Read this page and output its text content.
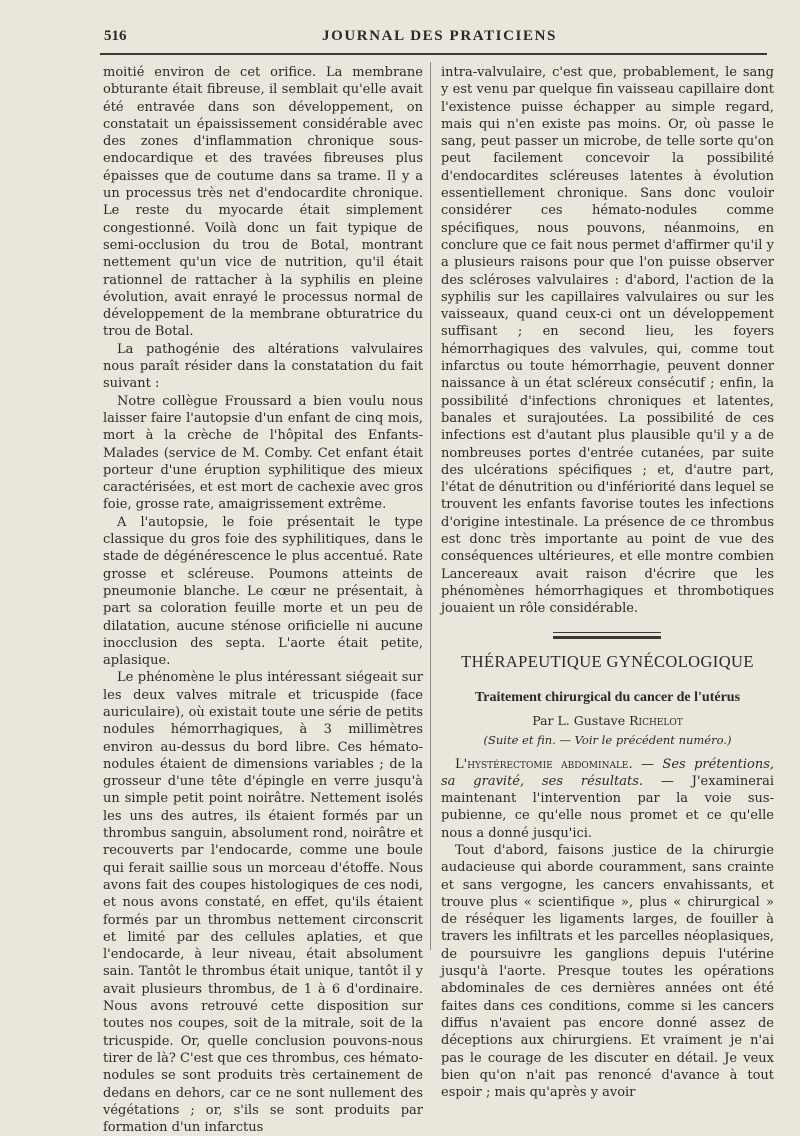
516	JOURNAL DES PRATICIENS

moitié environ de cet orifice. La membrane obturante était fibreuse, il semblait qu'elle avait été entravée dans son développement, on constatait un épaississement considérable avec des zones d'inflammation chronique sous-endocardique et des travées fibreuses plus épaisses que de coutume dans sa trame. Il y a un processus très net d'endocardite chronique. Le reste du myocarde était simplement congestionné. Voilà donc un fait typique de semi-occlusion du trou de Botal, montrant nettement qu'un vice de nutrition, qu'il était rationnel de rattacher à la syphilis en pleine évolution, avait enrayé le processus normal de développement de la membrane obturatrice du trou de Botal.

La pathogénie des altérations valvulaires nous paraît résider dans la constatation du fait suivant :

Notre collègue Froussard a bien voulu nous laisser faire l'autopsie d'un enfant de cinq mois, mort à la crèche de l'hôpital des Enfants-Malades (service de M. Comby. Cet enfant était porteur d'une éruption syphilitique des mieux caractérisées, et est mort de cachexie avec gros foie, grosse rate, amaigrissement extrême.

A l'autopsie, le foie présentait le type classique du gros foie des syphilitiques, dans le stade de dégénérescence le plus accentué. Rate grosse et scléreuse. Poumons atteints de pneumonie blanche. Le cœur ne présentait, à part sa coloration feuille morte et un peu de dilatation, aucune sténose orificielle ni aucune inocclusion des septa. L'aorte était petite, aplasique.

Le phénomène le plus intéressant siégeait sur les deux valves mitrale et tricuspide (face auriculaire), où existait toute une série de petits nodules hémorrhagiques, à 3 millimètres environ au-dessus du bord libre. Ces hémato-nodules étaient de dimensions variables ; de la grosseur d'une tête d'épingle en verre jusqu'à un simple petit point noirâtre. Nettement isolés les uns des autres, ils étaient formés par un thrombus sanguin, absolument rond, noirâtre et recouverts par l'endocarde, comme une boule qui ferait saillie sous un morceau d'étoffe. Nous avons fait des coupes histologiques de ces nodi, et nous avons constaté, en effet, qu'ils étaient formés par un thrombus nettement circonscrit et limité par des cellules aplaties, et que l'endocarde, à leur niveau, était absolument sain. Tantôt le thrombus était unique, tantôt il y avait plusieurs thrombus, de 1 à 6 d'ordinaire. Nous avons retrouvé cette disposition sur toutes nos coupes, soit de la mitrale, soit de la tricuspide. Or, quelle conclusion pouvons-nous tirer de là? C'est que ces thrombus, ces hémato-nodules se sont produits très certainement de dedans en dehors, car ce ne sont nullement des végétations ; or, s'ils se sont produits par formation d'un infarctus

intra-valvulaire, c'est que, probablement, le sang y est venu par quelque fin vaisseau capillaire dont l'existence puisse échapper au simple regard, mais qui n'en existe pas moins. Or, où passe le sang, peut passer un microbe, de telle sorte qu'on peut facilement concevoir la possibilité d'endocardites scléreuses latentes à évolution essentiellement chronique. Sans donc vouloir considérer ces hémato-nodules comme spécifiques, nous pouvons, néanmoins, en conclure que ce fait nous permet d'affirmer qu'il y a plusieurs raisons pour que l'on puisse observer des scléroses valvulaires : d'abord, l'action de la syphilis sur les capillaires valvulaires ou sur les vaisseaux, quand ceux-ci ont un développement suffisant ; en second lieu, les foyers hémorrhagiques des valvules, qui, comme tout infarctus ou toute hémorrhagie, peuvent donner naissance à un état scléreux consécutif ; enfin, la possibilité d'infections chroniques et latentes, banales et surajoutées. La possibilité de ces infections est d'autant plus plausible qu'il y a de nombreuses portes d'entrée cutanées, par suite des ulcérations spécifiques ; et, d'autre part, l'état de dénutrition ou d'infériorité dans lequel se trouvent les enfants favorise toutes les infections d'origine intestinale. La présence de ce thrombus est donc très importante au point de vue des conséquences ultérieures, et elle montre combien Lancereaux avait raison d'écrire que les phénomènes hémorrhagiques et thrombotiques jouaient un rôle considérable.

THÉRAPEUTIQUE GYNÉCOLOGIQUE
Traitement chirurgical du cancer de l'utérus

Par L. Gustave Richelot

(Suite et fin. — Voir le précédent numéro.)

L'hystérectomie abdominale. — Ses prétentions, sa gravité, ses résultats. — J'examinerai maintenant l'intervention par la voie sus-pubienne, ce qu'elle nous promet et ce qu'elle nous a donné jusqu'ici.

Tout d'abord, faisons justice de la chirurgie audacieuse qui aborde couramment, sans crainte et sans vergogne, les cancers envahissants, et trouve plus « scientifique », plus « chirurgical » de réséquer les ligaments larges, de fouiller à travers les infiltrats et les parcelles néoplasiques, de poursuivre les ganglions depuis l'utérine jusqu'à l'aorte. Presque toutes les opérations abdominales de ces dernières années ont été faites dans ces conditions, comme si les cancers diffus n'avaient pas encore donné assez de déceptions aux chirurgiens. Et vraiment je n'ai pas le courage de les discuter en détail. Je veux bien qu'on n'ait pas renoncé d'avance à tout espoir ; mais qu'après y avoir
